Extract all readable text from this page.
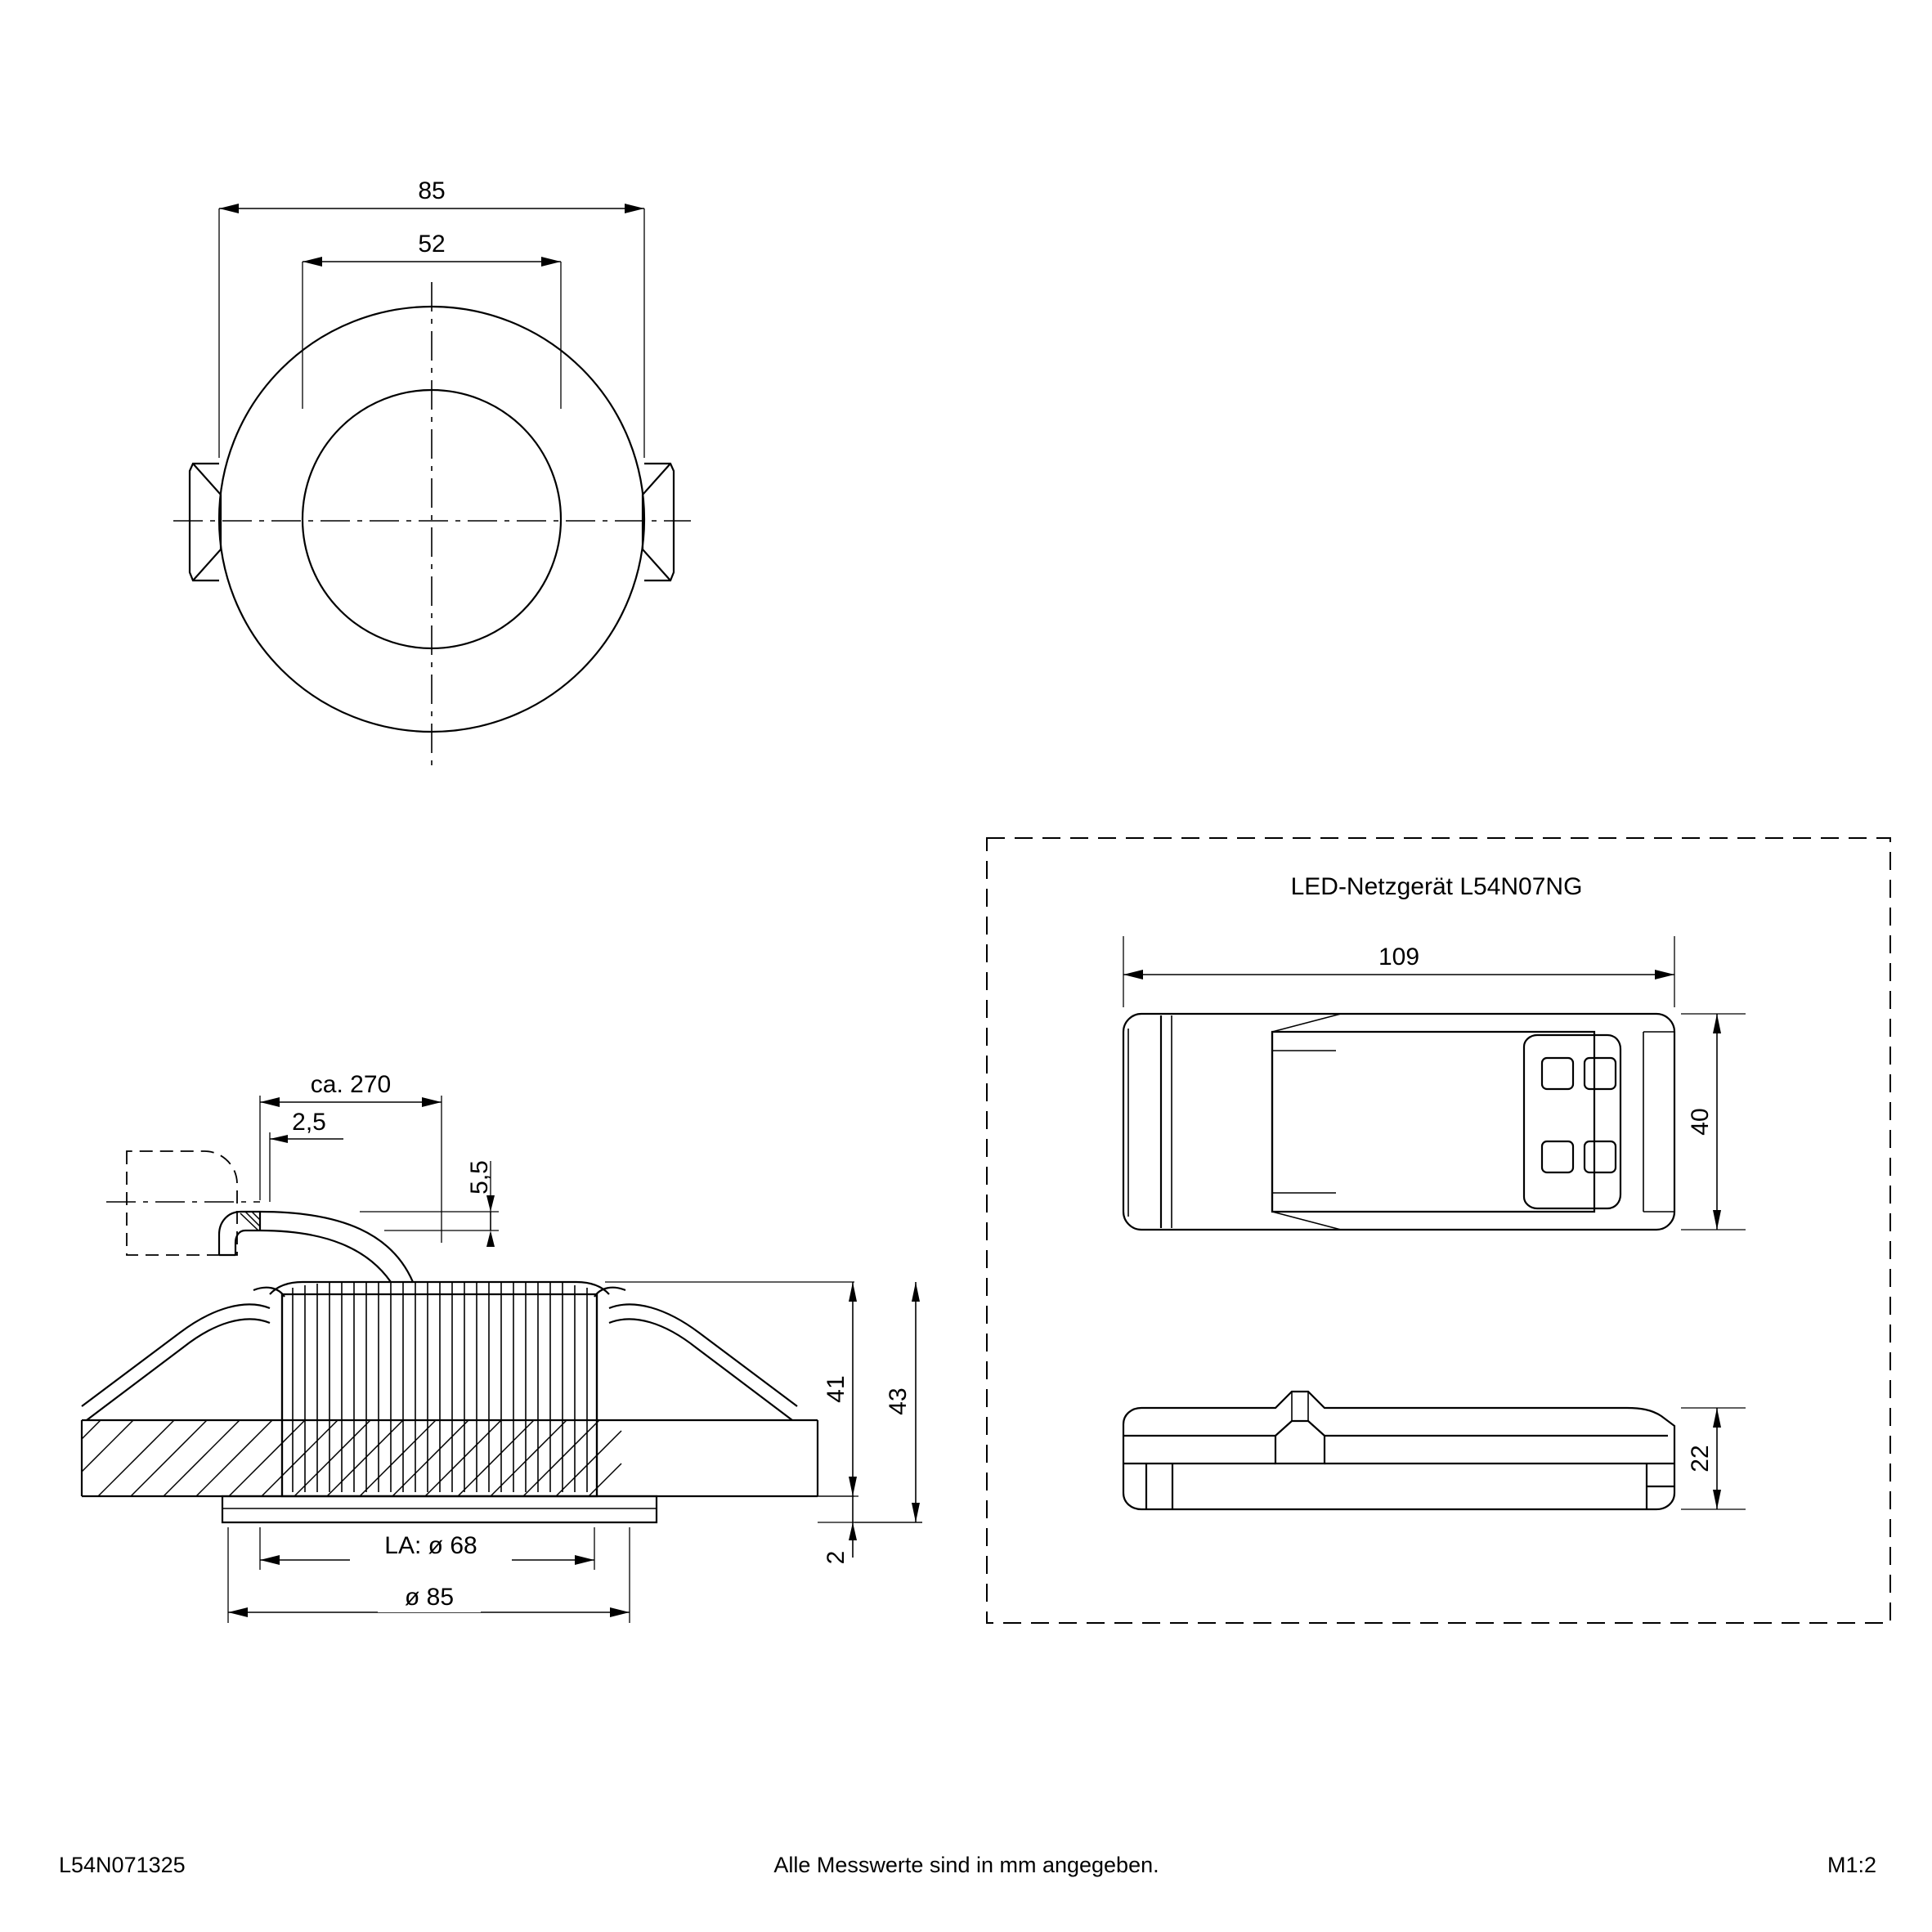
85
52
ca. 270
2,5
5,5
41 43
2
LA: ø 68
ø 85
LED-Netzgerät L54N07NG
109
40
22
L54N071325	Alle Messwerte sind in mm angegeben.	M1:2
